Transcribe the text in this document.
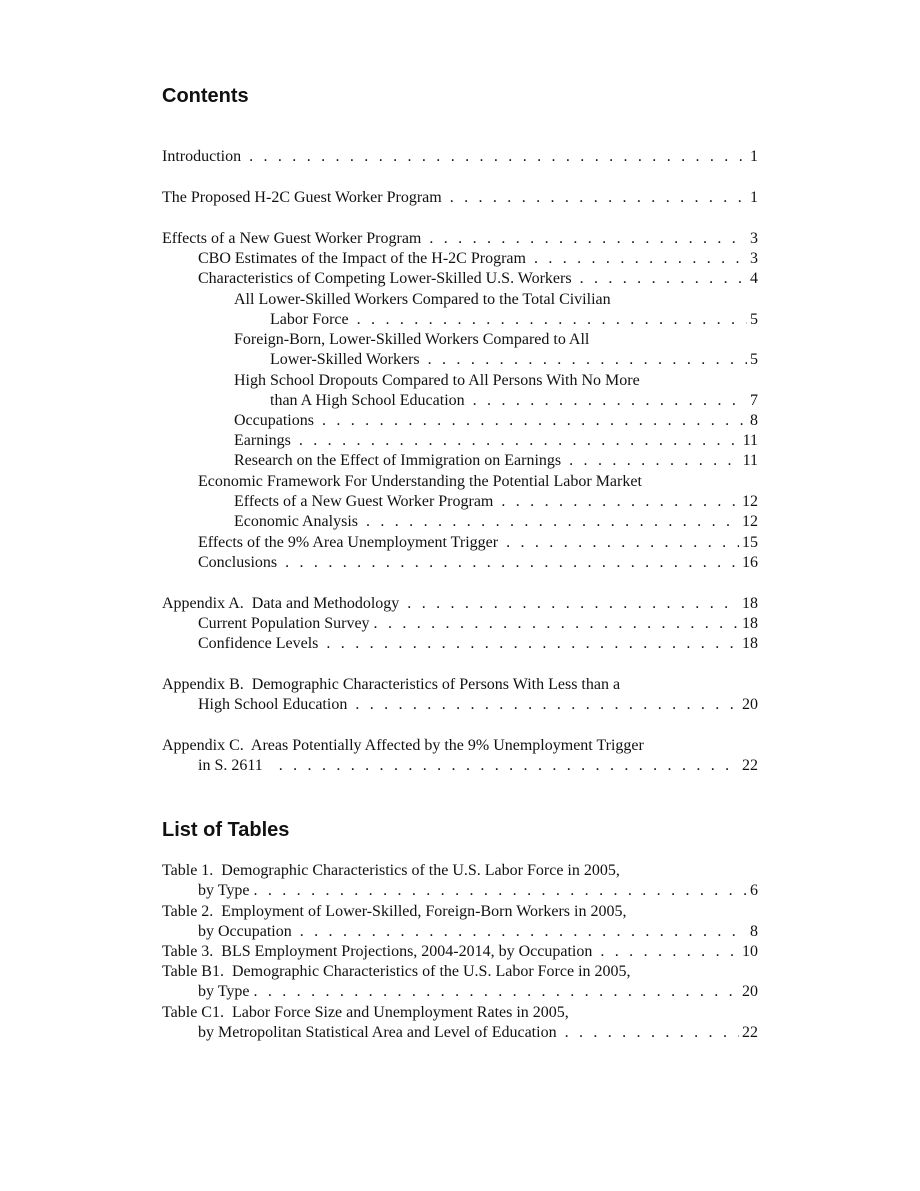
Contents
Introduction . . .	1
The Proposed H-2C Guest Worker Program . . .	1
Effects of a New Guest Worker Program . . .	3
CBO Estimates of the Impact of the H-2C Program . . .	3
Characteristics of Competing Lower-Skilled U.S. Workers . . .	4
All Lower-Skilled Workers Compared to the Total Civilian
Labor Force . . .	5
Foreign-Born, Lower-Skilled Workers Compared to All
Lower-Skilled Workers . . .	5
High School Dropouts Compared to All Persons With No More
than A High School Education . . .	7
Occupations . . .	8
Earnings . . .	11
Research on the Effect of Immigration on Earnings . . .	11
Economic Framework For Understanding the Potential Labor Market
Effects of a New Guest Worker Program . . .	12
Economic Analysis . . .	12
Effects of the 9% Area Unemployment Trigger . . .	15
Conclusions . . .	16
Appendix A.  Data and Methodology . . .	18
Current Population Survey . . .	18
Confidence Levels . . .	18
Appendix B.  Demographic Characteristics of Persons With Less than a
High School Education . . .	20
Appendix C.  Areas Potentially Affected by the 9% Unemployment Trigger
in S. 2611 . . .	22
List of Tables
Table 1.  Demographic Characteristics of the U.S. Labor Force in 2005,
by Type . . .	6
Table 2.  Employment of Lower-Skilled, Foreign-Born Workers in 2005,
by Occupation . . .	8
Table 3.  BLS Employment Projections, 2004-2014, by Occupation . . .	10
Table B1.  Demographic Characteristics of the U.S. Labor Force in 2005,
by Type . . .	20
Table C1.  Labor Force Size and Unemployment Rates in 2005,
by Metropolitan Statistical Area and Level of Education . . .	22
